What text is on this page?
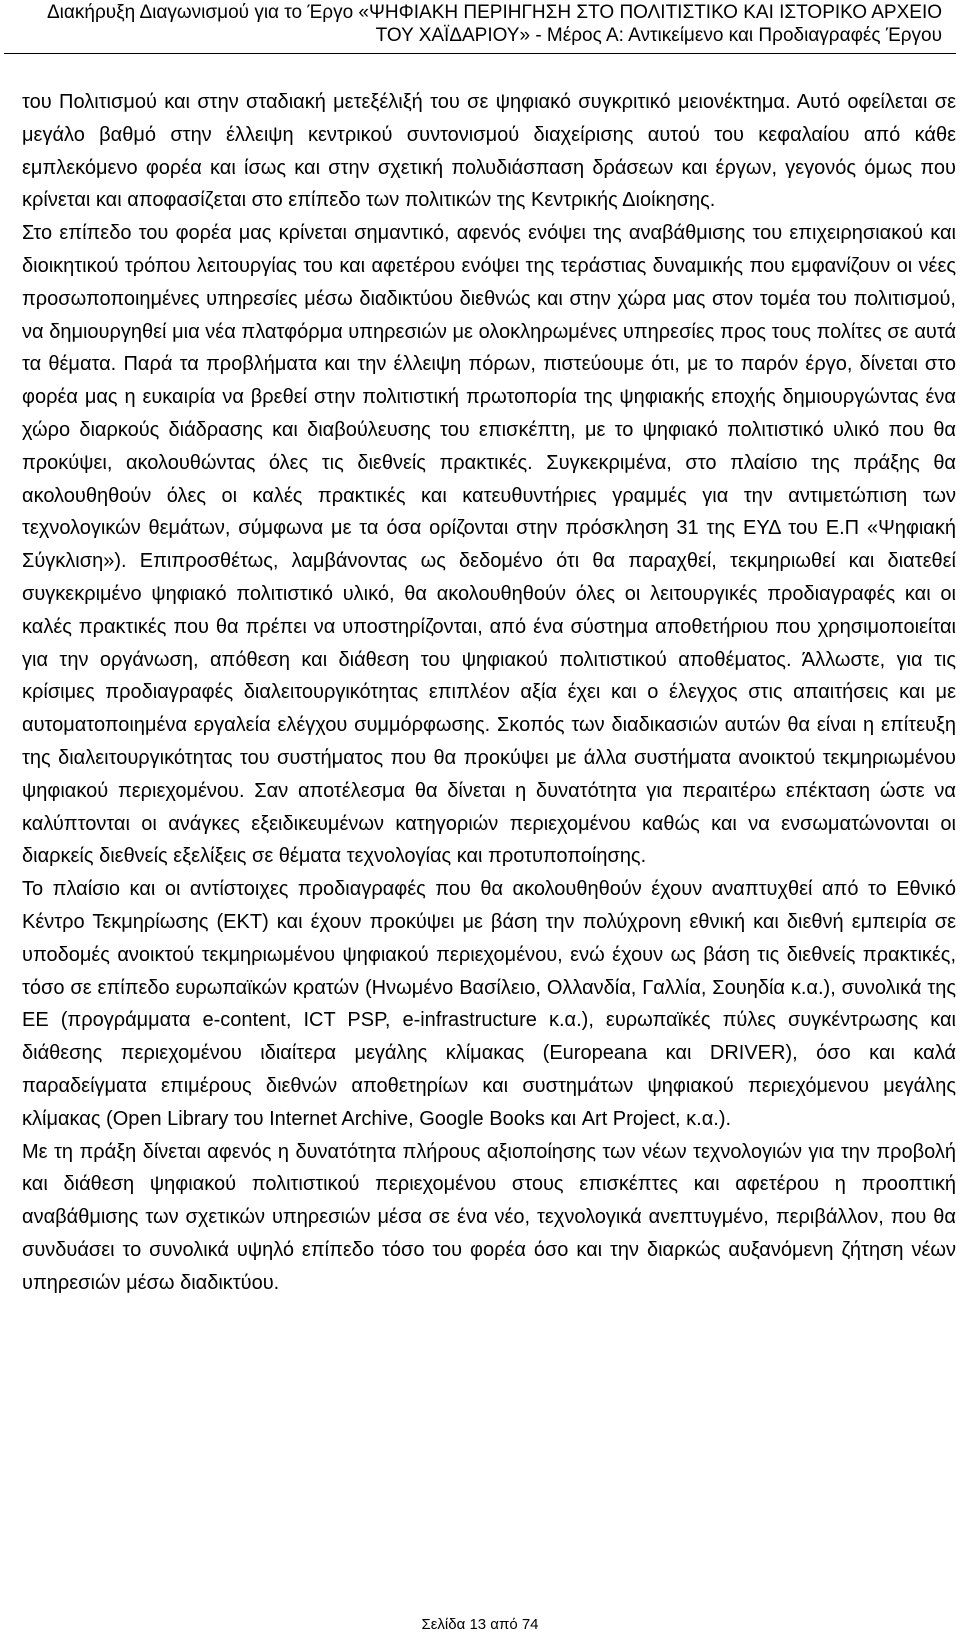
Διακήρυξη Διαγωνισμού για το Έργο «ΨΗΦΙΑΚΗ ΠΕΡΙΗΓΗΣΗ ΣΤΟ ΠΟΛΙΤΙΣΤΙΚΟ ΚΑΙ ΙΣΤΟΡΙΚΟ ΑΡΧΕΙΟ
ΤΟΥ ΧΑΪΔΑΡΙΟΥ» - Μέρος Α: Αντικείμενο και Προδιαγραφές Έργου

του Πολιτισμού και στην σταδιακή μετεξέλιξή του σε ψηφιακό συγκριτικό μειονέκτημα. Αυτό οφείλεται σε μεγάλο βαθμό στην έλλειψη κεντρικού συντονισμού διαχείρισης αυτού του κεφαλαίου από κάθε εμπλεκόμενο φορέα και ίσως και στην σχετική πολυδιάσπαση δράσεων και έργων, γεγονός όμως που κρίνεται και αποφασίζεται στο επίπεδο των πολιτικών της Κεντρικής Διοίκησης.

Στο επίπεδο του φορέα μας κρίνεται σημαντικό, αφενός ενόψει της αναβάθμισης του επιχειρησιακού και διοικητικού τρόπου λειτουργίας του και αφετέρου ενόψει της τεράστιας δυναμικής που εμφανίζουν οι νέες προσωποποιημένες υπηρεσίες μέσω διαδικτύου διεθνώς και στην χώρα μας στον τομέα του πολιτισμού, να δημιουργηθεί μια νέα πλατφόρμα υπηρεσιών με ολοκληρωμένες υπηρεσίες προς τους πολίτες σε αυτά τα θέματα. Παρά τα προβλήματα και την έλλειψη πόρων, πιστεύουμε ότι, με το παρόν έργο, δίνεται στο φορέα μας η ευκαιρία να βρεθεί στην πολιτιστική πρωτοπορία της ψηφιακής εποχής δημιουργώντας ένα χώρο διαρκούς διάδρασης και διαβούλευσης του επισκέπτη, με το ψηφιακό πολιτιστικό υλικό που θα προκύψει, ακολουθώντας όλες τις διεθνείς πρακτικές. Συγκεκριμένα, στο πλαίσιο της πράξης θα ακολουθηθούν όλες οι καλές πρακτικές και κατευθυντήριες γραμμές για την αντιμετώπιση των τεχνολογικών θεμάτων, σύμφωνα με τα όσα ορίζονται στην πρόσκληση 31 της ΕΥΔ του Ε.Π «Ψηφιακή Σύγκλιση»). Επιπροσθέτως, λαμβάνοντας ως δεδομένο ότι θα παραχθεί, τεκμηριωθεί και διατεθεί συγκεκριμένο ψηφιακό πολιτιστικό υλικό, θα ακολουθηθούν όλες οι λειτουργικές προδιαγραφές και οι καλές πρακτικές που θα πρέπει να υποστηρίζονται, από ένα σύστημα αποθετήριου που χρησιμοποιείται για την οργάνωση, απόθεση και διάθεση του ψηφιακού πολιτιστικού αποθέματος. Άλλωστε, για τις κρίσιμες προδιαγραφές διαλειτουργικότητας επιπλέον αξία έχει και ο έλεγχος στις απαιτήσεις και με αυτοματοποιημένα εργαλεία ελέγχου συμμόρφωσης. Σκοπός των διαδικασιών αυτών θα είναι η επίτευξη της διαλειτουργικότητας του συστήματος που θα προκύψει με άλλα συστήματα ανοικτού τεκμηριωμένου ψηφιακού περιεχομένου. Σαν αποτέλεσμα θα δίνεται η δυνατότητα για περαιτέρω επέκταση ώστε να καλύπτονται οι ανάγκες εξειδικευμένων κατηγοριών περιεχομένου καθώς και να ενσωματώνονται οι διαρκείς διεθνείς εξελίξεις σε θέματα τεχνολογίας και προτυποποίησης.

Το πλαίσιο και οι αντίστοιχες προδιαγραφές που θα ακολουθηθούν έχουν αναπτυχθεί από το Εθνικό Κέντρο Τεκμηρίωσης (ΕΚΤ) και έχουν προκύψει με βάση την πολύχρονη εθνική και διεθνή εμπειρία σε υποδομές ανοικτού τεκμηριωμένου ψηφιακού περιεχομένου, ενώ έχουν ως βάση τις διεθνείς πρακτικές, τόσο σε επίπεδο ευρωπαϊκών κρατών (Ηνωμένο Βασίλειο, Ολλανδία, Γαλλία, Σουηδία κ.α.), συνολικά της ΕΕ (προγράμματα e-content, ICT PSP, e-infrastructure κ.α.), ευρωπαϊκές πύλες συγκέντρωσης και διάθεσης περιεχομένου ιδιαίτερα μεγάλης κλίμακας (Europeana και DRIVER), όσο και καλά παραδείγματα επιμέρους διεθνών αποθετηρίων και συστημάτων ψηφιακού περιεχόμενου μεγάλης κλίμακας (Open Library του Internet Archive, Google Books και Art Project, κ.α.).

Με τη πράξη δίνεται αφενός η δυνατότητα πλήρους αξιοποίησης των νέων τεχνολογιών για την προβολή και διάθεση ψηφιακού πολιτιστικού περιεχομένου στους επισκέπτες και αφετέρου η προοπτική αναβάθμισης των σχετικών υπηρεσιών μέσα σε ένα νέο, τεχνολογικά ανεπτυγμένο, περιβάλλον, που θα συνδυάσει το συνολικά υψηλό επίπεδο τόσο του φορέα όσο και την διαρκώς αυξανόμενη ζήτηση νέων υπηρεσιών μέσω διαδικτύου.

Σελίδα 13 από 74
